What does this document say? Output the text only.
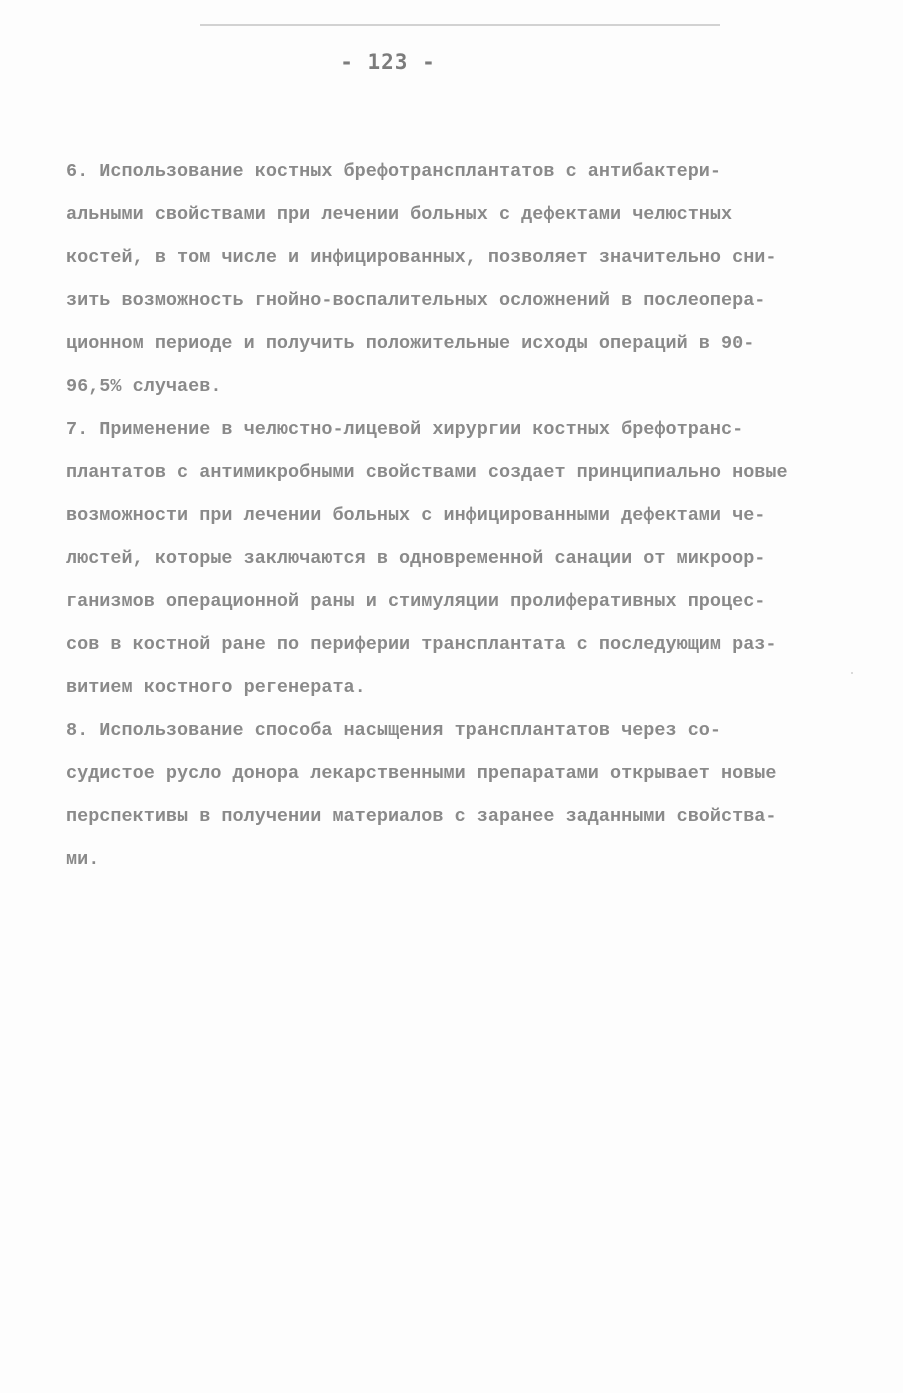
- 123 -
6. Использование костных брефотрансплантатов с антибактери-
альными свойствами при лечении больных с дефектами челюстных
костей, в том числе и инфицированных, позволяет значительно сни-
зить возможность гнойно-воспалительных осложнений в послеопера-
ционном периоде и получить положительные исходы операций в 90-
96,5% случаев.
7. Применение в челюстно-лицевой хирургии костных брефотранс-
плантатов с антимикробными свойствами создает принципиально новые
возможности при лечении больных с инфицированными дефектами че-
люстей, которые заключаются в одновременной санации от микроор-
ганизмов операционной раны и стимуляции пролиферативных процес-
сов в костной ране по периферии трансплантата с последующим раз-
витием костного регенерата.
8. Использование способа насыщения трансплантатов через со-
судистое русло донора лекарственными препаратами открывает новые
перспективы в получении материалов с заранее заданными свойства-
ми.
